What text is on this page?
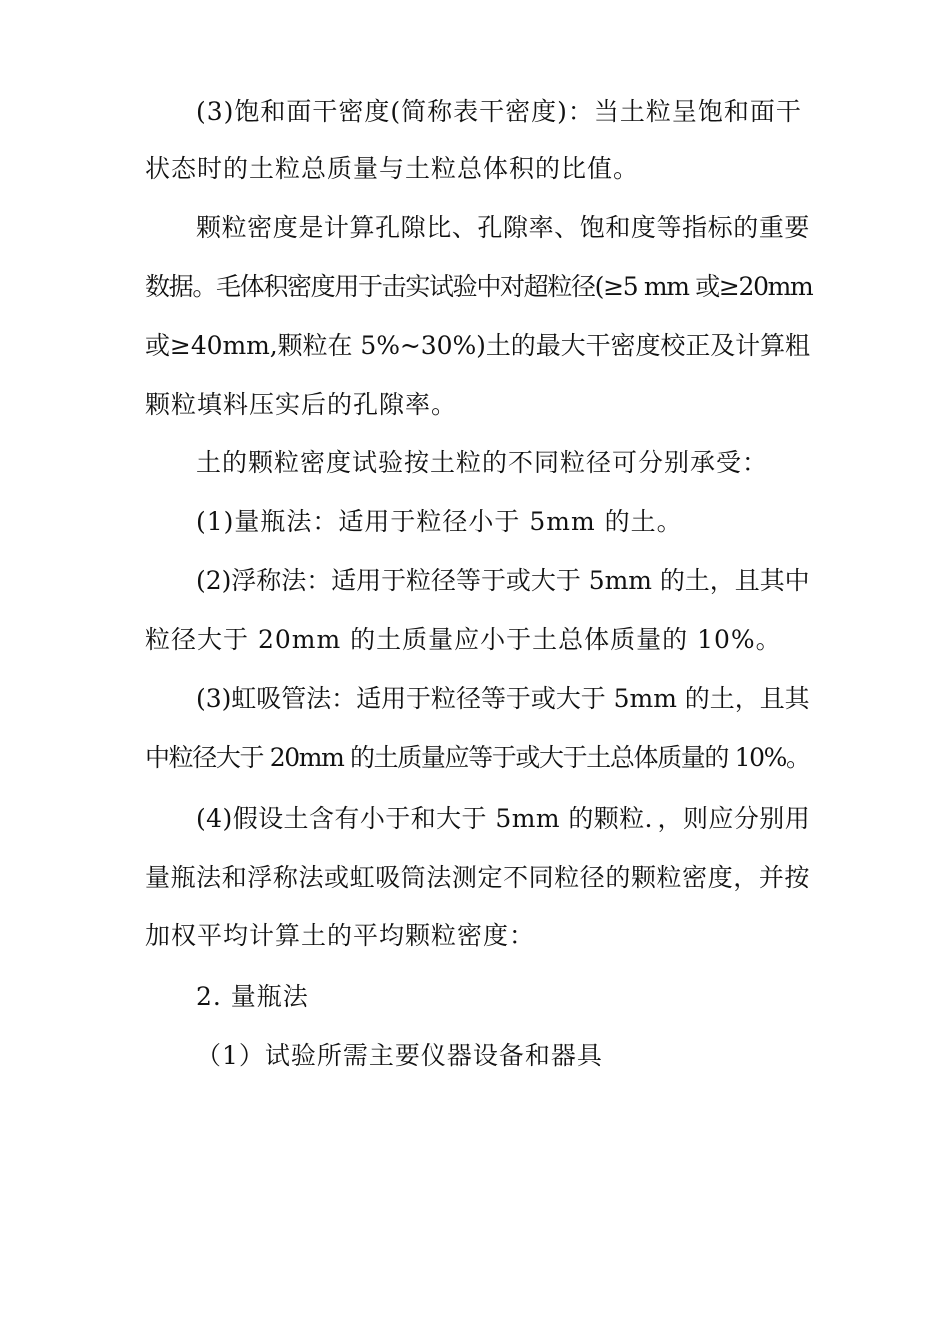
(3)饱和面干密度(简称表干密度)：当土粒呈饱和面干
状态时的土粒总质量与土粒总体积的比值。
颗粒密度是计算孔隙比、孔隙率、饱和度等指标的重要
数据。毛体积密度用于击实试验中对超粒径(≥5 mm 或≥20mm
或≥40mm,颗粒在 5%~30%)土的最大干密度校正及计算粗
颗粒填料压实后的孔隙率。
土的颗粒密度试验按土粒的不同粒径可分别承受：
(1)量瓶法：适用于粒径小于 5mm 的土。
(2)浮称法：适用于粒径等于或大于 5mm 的土，且其中
粒径大于 20mm 的土质量应小于土总体质量的 10%。
(3)虹吸管法：适用于粒径等于或大于 5mm 的土，且其
中粒径大于 20mm 的土质量应等于或大于土总体质量的 10%。
(4)假设土含有小于和大于 5mm 的颗粒．，则应分别用
量瓶法和浮称法或虹吸筒法测定不同粒径的颗粒密度，并按
加权平均计算土的平均颗粒密度：
2. 量瓶法
（1）试验所需主要仪器设备和器具
